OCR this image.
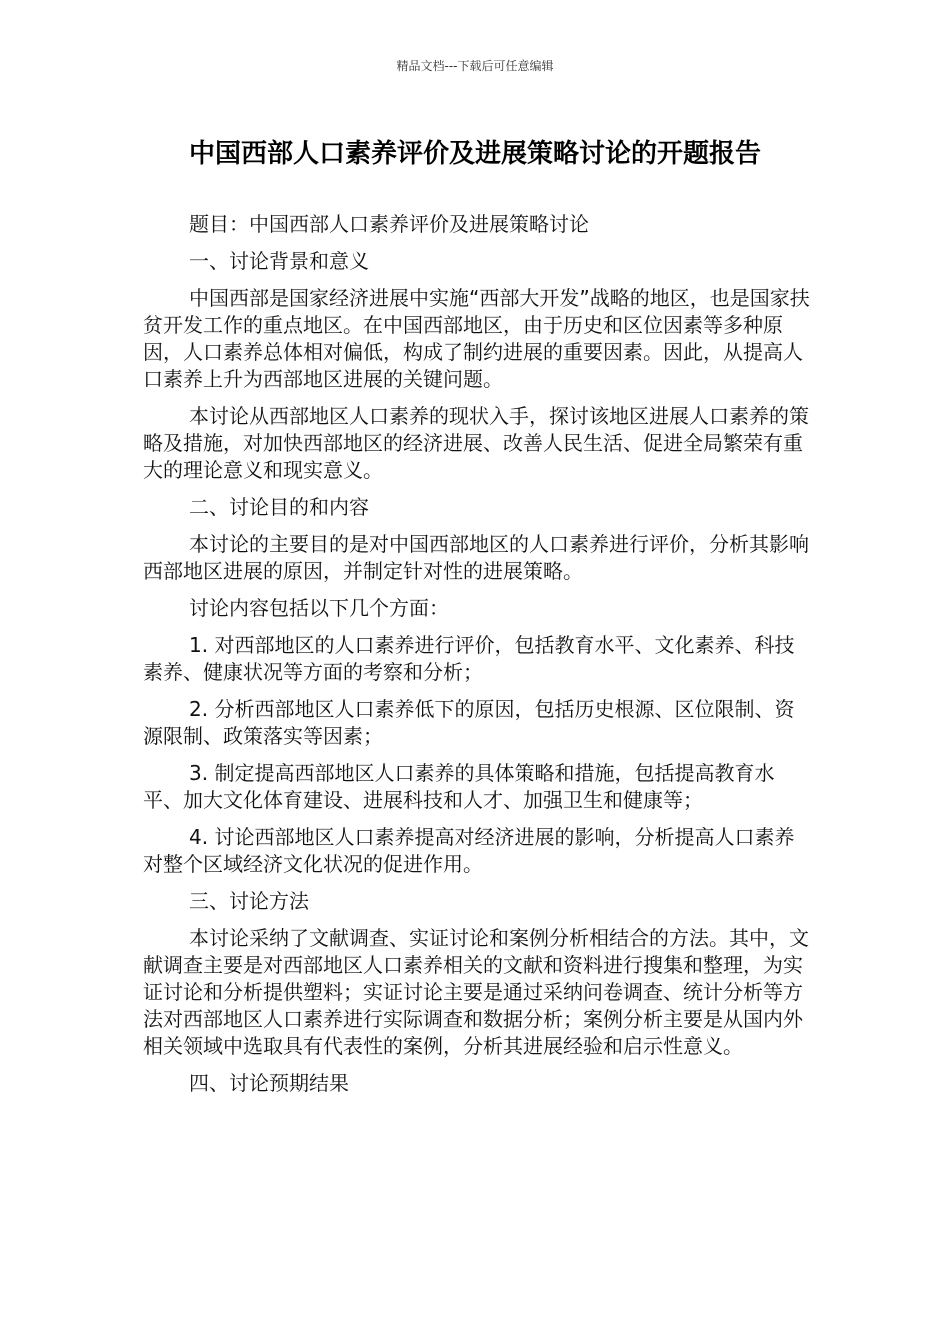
精品文档---下载后可任意编辑
中国西部人口素养评价及进展策略讨论的开题报告

题目：中国西部人口素养评价及进展策略讨论

一、讨论背景和意义

中国西部是国家经济进展中实施“西部大开发”战略的地区，也是国家扶贫开发工作的重点地区。在中国西部地区，由于历史和区位因素等多种原因，人口素养总体相对偏低，构成了制约进展的重要因素。因此，从提高人口素养上升为西部地区进展的关键问题。

本讨论从西部地区人口素养的现状入手，探讨该地区进展人口素养的策略及措施，对加快西部地区的经济进展、改善人民生活、促进全局繁荣有重大的理论意义和现实意义。

二、讨论目的和内容

本讨论的主要目的是对中国西部地区的人口素养进行评价，分析其影响西部地区进展的原因，并制定针对性的进展策略。

讨论内容包括以下几个方面：

1. 对西部地区的人口素养进行评价，包括教育水平、文化素养、科技素养、健康状况等方面的考察和分析；

2. 分析西部地区人口素养低下的原因，包括历史根源、区位限制、资源限制、政策落实等因素；

3. 制定提高西部地区人口素养的具体策略和措施，包括提高教育水平、加大文化体育建设、进展科技和人才、加强卫生和健康等；

4. 讨论西部地区人口素养提高对经济进展的影响，分析提高人口素养对整个区域经济文化状况的促进作用。

三、讨论方法

本讨论采纳了文献调查、实证讨论和案例分析相结合的方法。其中，文献调查主要是对西部地区人口素养相关的文献和资料进行搜集和整理，为实证讨论和分析提供塑料；实证讨论主要是通过采纳问卷调查、统计分析等方法对西部地区人口素养进行实际调查和数据分析；案例分析主要是从国内外相关领域中选取具有代表性的案例，分析其进展经验和启示性意义。

四、讨论预期结果
